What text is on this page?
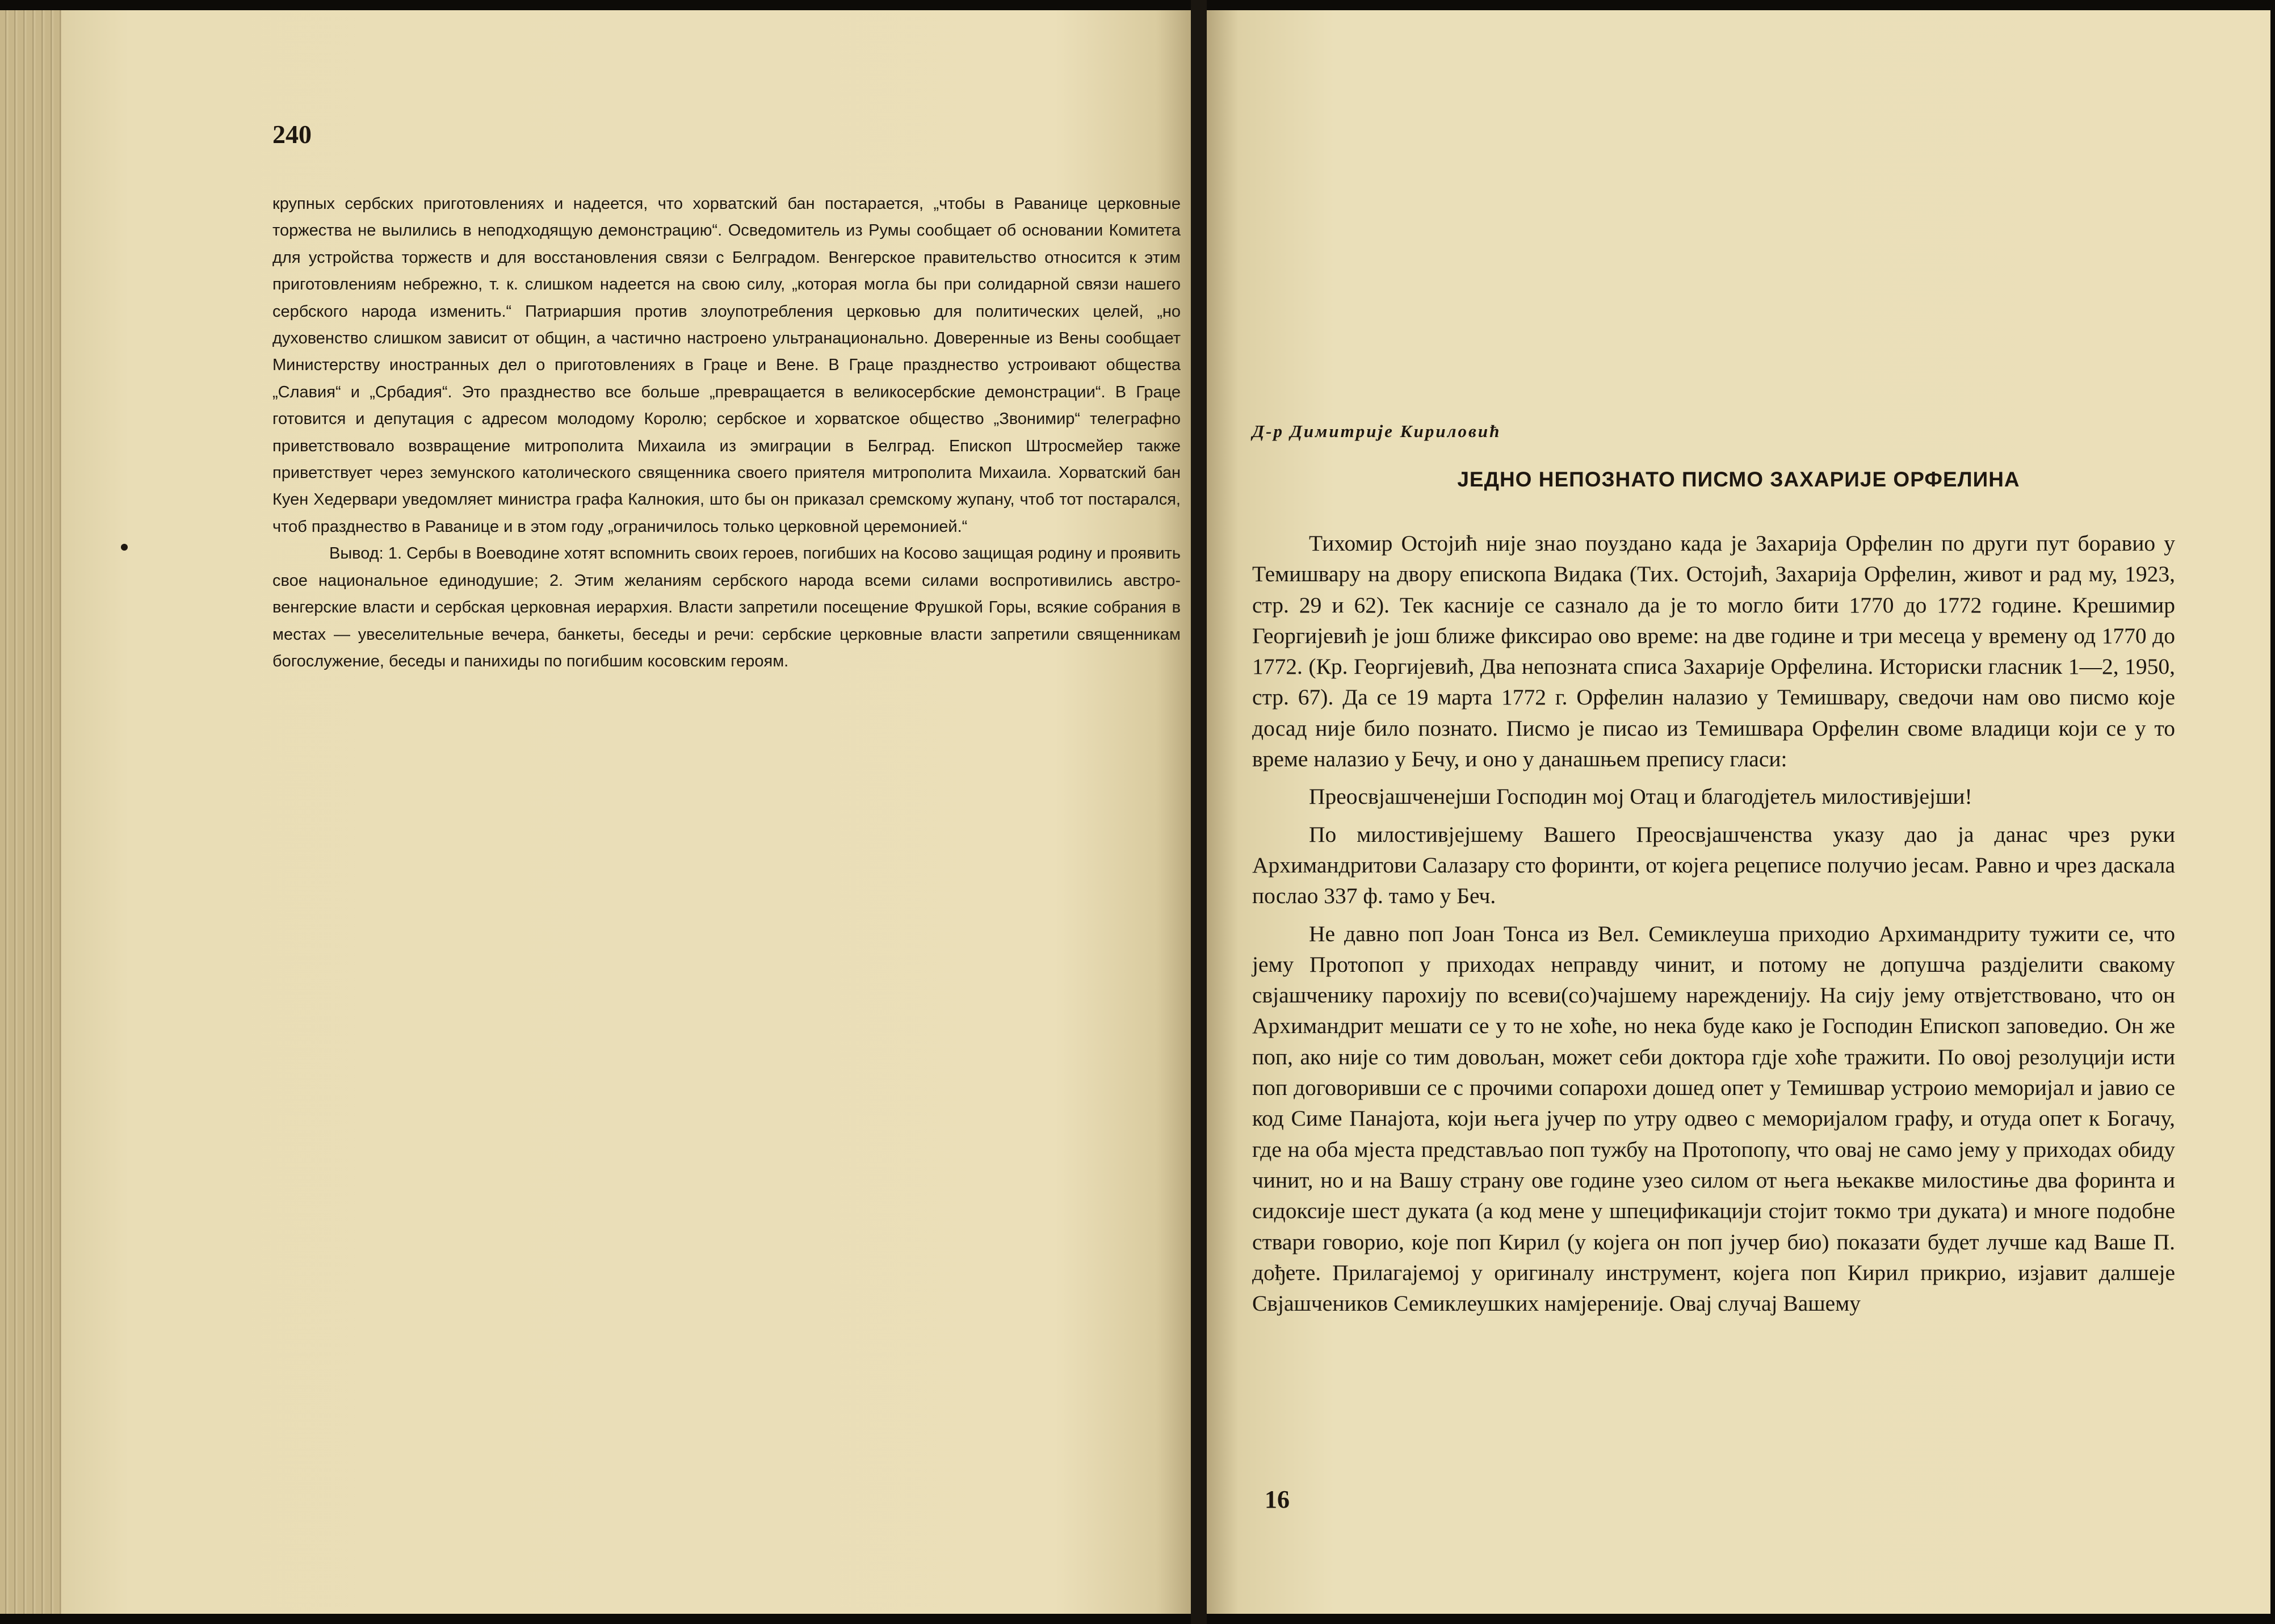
240

крупных сербских приготовлениях и надеется, что хорватский бан постарается, „чтобы в Раванице церковные торжества не вылились в неподходящую демонстрацию“. Осведомитель из Румы сообщает об основании Комитета для устройства торжеств и для восстановления связи с Белградом. Венгерское правительство относится к этим приготовлениям небрежно, т. к. слишком надеется на свою силу, „которая могла бы при солидарной связи нашего сербского народа изменить.“ Патриаршия против злоупотребления церковью для политических целей, „но духовенство слишком зависит от общин, а частично настроено ультранационально. Доверенные из Вены сообщает Министерству иностранных дел о приготовлениях в Граце и Вене. В Граце празднество устроивают общества „Славия“ и „Србадия“. Это празднество все больше „превращается в великосербские демонстрации“. В Граце готовится и депутация с адресом молодому Королю; сербское и хорватское общество „Звонимир“ телеграфно приветствовало возвращение митрополита Михаила из эмиграции в Белград. Епископ Штросмейер также приветствует через земунского католического священника своего приятеля митрополита Михаила. Хорватский бан Куен Хедервари уведомляет министра графа Калнокия, што бы он приказал сремскому жупану, чтоб тот постарался, чтоб празднество в Раванице и в этом году „ограничилось только церковной церемонией.“

Вывод: 1. Сербы в Воеводине хотят вспомнить своих героев, погибших на Косово защищая родину и проявить свое национальное единодушие; 2. Этим желаниям сербского народа всеми силами воспротивились австро-венгерские власти и сербская церковная иерархия. Власти запретили посещение Фрушкой Горы, всякие собрания в местах — увеселительные вечера, банкеты, беседы и речи: сербские церковные власти запретили священникам богослужение, беседы и панихиды по погибшим косовским героям.

Д-р Димитрије Кириловић
ЈЕДНО НЕПОЗНАТО ПИСМО ЗАХАРИЈЕ ОРФЕЛИНА

Тихомир Остојић није знао поуздано када је Захарија Орфелин по други пут боравио у Темишвару на двору епископа Видака (Тих. Остојић, Захарија Орфелин, живот и рад му, 1923, стр. 29 и 62). Тек касније се сазнало да је то могло бити 1770 до 1772 године. Крешимир Георгијевић је још ближе фиксирао ово време: на две године и три месеца у времену од 1770 до 1772. (Кр. Георгијевић, Два непозната списа Захарије Орфелина. Историски гласник 1—2, 1950, стр. 67). Да се 19 марта 1772 г. Орфелин налазио у Темишвару, сведочи нам ово писмо које досад није било познато. Писмо је писао из Темишвара Орфелин своме владици који се у то време налазио у Бечу, и оно у данашњем препису гласи:

Преосвјашченејши Господин мој Отац и благодјетељ милостивјејши!

По милостивјејшему Вашего Преосвјашченства указу дао ја данас чрез руки Архимандритови Салазару сто форинти, от којега рецеписе получио јесам. Равно и чрез даскала послао 337 ф. тамо у Беч.

Не давно поп Јоан Тонса из Вел. Семиклеуша приходио Архимандриту тужити се, что јему Протопоп у приходах неправду чинит, и потому не допушча раздјелити свакому свјашченику парохију по всеви(со)чајшему нарежденију. На сију јему отвјетствовано, что он Архимандрит мешати се у то не хоће, но нека буде како је Господин Епископ заповедио. Он же поп, ако није со тим довољан, может себи доктора гдје хоће тражити. По овој резолуцији исти поп договоривши се с прочими сопарохи дошед опет у Темишвар устроио меморијал и јавио се код Симе Панајота, који њега јучер по утру одвео с меморијалом графу, и отуда опет к Богачу, где на оба мјеста представљао поп тужбу на Протопопу, что овај не само јему у приходах обиду чинит, но и на Вашу страну ове године узео силом от њега њекакве милостиње два форинта и сидоксије шест дуката (а код мене у шпецификацији стојит токмо три дуката) и многе подобне ствари говорио, које поп Кирил (у којега он поп јучер био) показати будет лучше кад Ваше П. дођете. Прилагајемој у оригиналу инструмент, којега поп Кирил прикрио, изјавит далшеје Свјашчеников Семиклеушких намјереније. Овај случај Вашему

16
